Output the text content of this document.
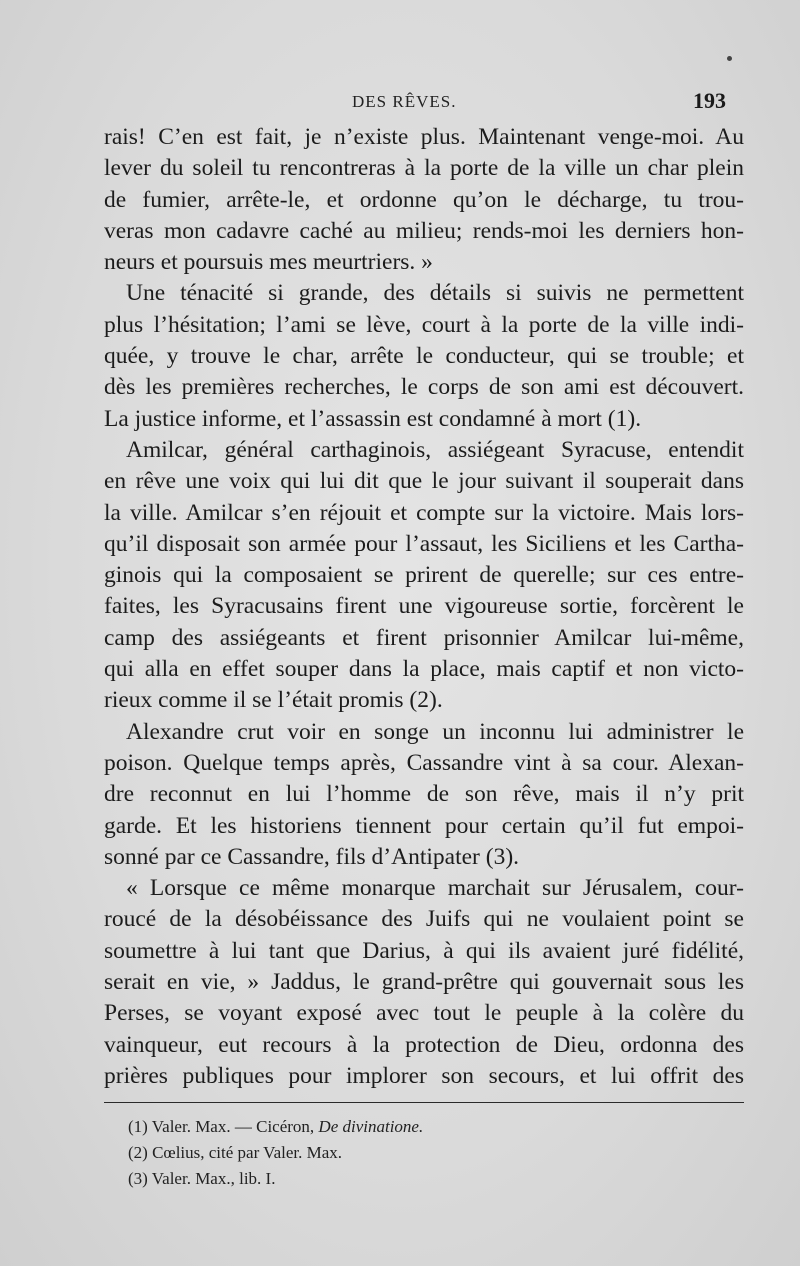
DES RÊVES.	193
rais! C’en est fait, je n’existe plus. Maintenant venge-moi. Au
lever du soleil tu rencontreras à la porte de la ville un char plein
de fumier, arrête-le, et ordonne qu’on le décharge, tu trou-
veras mon cadavre caché au milieu; rends-moi les derniers hon-
neurs et poursuis mes meurtriers. »
Une ténacité si grande, des détails si suivis ne permettent
plus l’hésitation; l’ami se lève, court à la porte de la ville indi-
quée, y trouve le char, arrête le conducteur, qui se trouble; et
dès les premières recherches, le corps de son ami est découvert.
La justice informe, et l’assassin est condamné à mort (1).
Amilcar, général carthaginois, assiégeant Syracuse, entendit
en rêve une voix qui lui dit que le jour suivant il souperait dans
la ville. Amilcar s’en réjouit et compte sur la victoire. Mais lors-
qu’il disposait son armée pour l’assaut, les Siciliens et les Cartha-
ginois qui la composaient se prirent de querelle; sur ces entre-
faites, les Syracusains firent une vigoureuse sortie, forcèrent le
camp des assiégeants et firent prisonnier Amilcar lui-même,
qui alla en effet souper dans la place, mais captif et non victo-
rieux comme il se l’était promis (2).
Alexandre crut voir en songe un inconnu lui administrer le
poison. Quelque temps après, Cassandre vint à sa cour. Alexan-
dre reconnut en lui l’homme de son rêve, mais il n’y prit
garde. Et les historiens tiennent pour certain qu’il fut empoi-
sonné par ce Cassandre, fils d’Antipater (3).
« Lorsque ce même monarque marchait sur Jérusalem, cour-
roucé de la désobéissance des Juifs qui ne voulaient point se
soumettre à lui tant que Darius, à qui ils avaient juré fidélité,
serait en vie, » Jaddus, le grand-prêtre qui gouvernait sous les
Perses, se voyant exposé avec tout le peuple à la colère du
vainqueur, eut recours à la protection de Dieu, ordonna des
prières publiques pour implorer son secours, et lui offrit des
(1) Valer. Max. — Cicéron, De divinatione.
(2) Cœlius, cité par Valer. Max.
(3) Valer. Max., lib. I.
